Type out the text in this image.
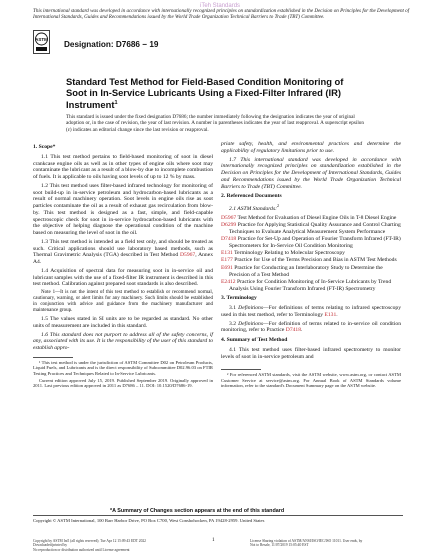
iTeh Standards
This international standard was developed in accordance with internationally recognized principles on standardization established in the Decision on Principles for the Development of International Standards, Guides and Recommendations issued by the World Trade Organization Technical Barriers to Trade (TBT) Committee.
ASTM
Designation: D7686 − 19
Standard Test Method for Field-Based Condition Monitoring of Soot in In-Service Lubricants Using a Fixed-Filter Infrared (IR) Instrument$^1$
This standard is issued under the fixed designation D7686; the number immediately following the designation indicates the year of original adoption or, in the case of revision, the year of last revision. A number in parentheses indicates the year of last reapproval. A superscript epsilon (ε) indicates an editorial change since the last revision or reapproval.
1. Scope*

1.1 This test method pertains to field-based monitoring of soot in diesel crankcase engine oils as well as in other types of engine oils where soot may contaminate the lubricant as a result of a blow-by due to incomplete combustion of fuels. It is applicable to oils having soot levels of up to 12 % by mass.

1.2 This test method uses filter-based infrared technology for monitoring of soot build-up in in-service petroleum and hydrocarbon-based lubricants as a result of normal machinery operation. Soot levels in engine oils rise as soot particles contaminate the oil as a result of exhaust gas recirculation from blow-by. This test method is designed as a fast, simple, and field-capable spectroscopic check for soot in in-service hydrocarbon-based lubricants with the objective of helping diagnose the operational condition of the machine based on measuring the level of soot in the oil.

1.3 This test method is intended as a field test only, and should be treated as such. Critical applications should use laboratory based methods, such as Thermal Gravimetric Analysis (TGA) described in Test Method D5967, Annex A4.

1.4 Acquisition of spectral data for measuring soot in in-service oil and lubricant samples with the use of a fixed-filter IR instrument is described in this test method. Calibration against prepared soot standards is also described.

Note 1—It is not the intent of this test method to establish or recommend normal, cautionary, warning, or alert limits for any machinery. Such limits should be established in conjunction with advice and guidance from the machinery manufacturer and maintenance group.

1.5 The values stated in SI units are to be regarded as standard. No other units of measurement are included in this standard.

1.6 This standard does not purport to address all of the safety concerns, if any, associated with its use. It is the responsibility of the user of this standard to establish appro-

¹ This test method is under the jurisdiction of ASTM Committee D02 on Petroleum Products, Liquid Fuels, and Lubricants and is the direct responsibility of Subcommittee D02.96.03 on FTIR Testing Practices and Techniques Related to In-Service Lubricants.

Current edition approved July 15, 2019. Published September 2019. Originally approved in 2011. Last previous edition approved in 2011 as D7686 – 11. DOI: 10.1520/D7686-19.

priate safety, health, and environmental practices and determine the applicability of regulatory limitations prior to use.

1.7 This international standard was developed in accordance with internationally recognized principles on standardization established in the Decision on Principles for the Development of International Standards, Guides and Recommendations issued by the World Trade Organization Technical Barriers to Trade (TBT) Committee.

2. Referenced Documents

2.1 ASTM Standards:$^2$

D5967 Test Method for Evaluation of Diesel Engine Oils in T-8 Diesel Engine
D6299 Practice for Applying Statistical Quality Assurance and Control Charting Techniques to Evaluate Analytical Measurement System Performance
D7418 Practice for Set-Up and Operation of Fourier Transform Infrared (FT-IR) Spectrometers for In-Service Oil Condition Monitoring
E131 Terminology Relating to Molecular Spectroscopy
E177 Practice for Use of the Terms Precision and Bias in ASTM Test Methods
E691 Practice for Conducting an Interlaboratory Study to Determine the Precision of a Test Method
E2412 Practice for Condition Monitoring of In-Service Lubricants by Trend Analysis Using Fourier Transform Infrared (FT-IR) Spectrometry
3. Terminology

3.1 Definitions—For definitions of terms relating to infrared spectroscopy used in this test method, refer to Terminology E131.

3.2 Definitions—For definition of terms related to in-service oil condition monitoring, refer to Practice D7418.

4. Summary of Test Method

4.1 This test method uses filter-based infrared spectrometry to monitor levels of soot in in-service petroleum and

² For referenced ASTM standards, visit the ASTM website, www.astm.org, or contact ASTM Customer Service at service@astm.org. For Annual Book of ASTM Standards volume information, refer to the standard's Document Summary page on the ASTM website.

*A Summary of Changes section appears at the end of this standard
Copyright © ASTM International, 100 Barr Harbor Drive, PO Box C700, West Conshohocken, PA 19428-2959. United States
Copyright by ASTM Int'l (all rights reserved); Tue Apr 12 15:09:43 EDT 2022
Downloaded/printed by
No reproduction or distribution authorized until License agreement
1	License Sharing violation of ASTM/ANSI/ISO/IEC/ISO 11011. User ends, by
Not to Resale, 11/07/2019 15:05:40 EST
